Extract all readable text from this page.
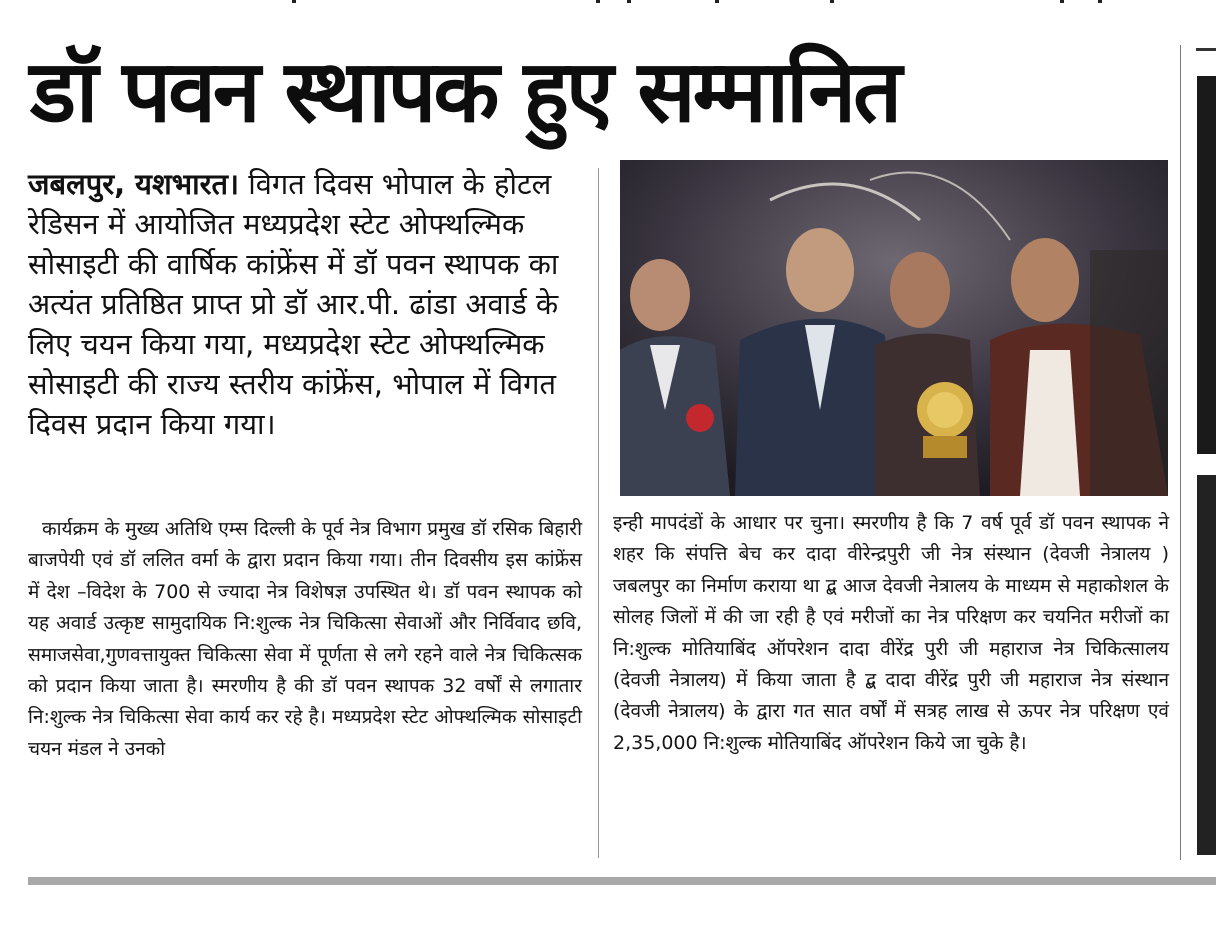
डॉ पवन स्थापक हुए सम्मानित
जबलपुर, यशभारत। विगत दिवस भोपाल के होटल रेडिसन में आयोजित मध्यप्रदेश स्टेट ओफ्थल्मिक सोसाइटी की वार्षिक कांफ्रेंस में डॉ पवन स्थापक का अत्यंत प्रतिष्ठित प्राप्त प्रो डॉ आर.पी. ढांडा अवार्ड के लिए चयन किया गया, मध्यप्रदेश स्टेट ओफ्थल्मिक सोसाइटी की राज्य स्तरीय कांफ्रेंस, भोपाल में विगत दिवस प्रदान किया गया।
कार्यक्रम के मुख्य अतिथि एम्स दिल्ली के पूर्व नेत्र विभाग प्रमुख डॉ रसिक बिहारी बाजपेयी एवं डॉ ललित वर्मा के द्वारा प्रदान किया गया। तीन दिवसीय इस कांफ्रेंस में देश –विदेश के 700 से ज्यादा नेत्र विशेषज्ञ उपस्थित थे। डॉ पवन स्थापक को यह अवार्ड उत्कृष्ट सामुदायिक नि:शुल्क नेत्र चिकित्सा सेवाओं और निर्विवाद छवि, समाजसेवा,गुणवत्तायुक्त चिकित्सा सेवा में पूर्णता से लगे रहने वाले नेत्र चिकित्सक को प्रदान किया जाता है। स्मरणीय है की डॉ पवन स्थापक 32 वर्षों से लगातार नि:शुल्क नेत्र चिकित्सा सेवा कार्य कर रहे है। मध्यप्रदेश स्टेट ओफ्थल्मिक सोसाइटी चयन मंडल ने उनको
इन्ही मापदंडों के आधार पर चुना। स्मरणीय है कि 7 वर्ष पूर्व डॉ पवन स्थापक ने शहर कि संपत्ति बेच कर दादा वीरेन्द्रपुरी जी नेत्र संस्थान (देवजी नेत्रालय ) जबलपुर का निर्माण कराया था द्ब आज देवजी नेत्रालय के माध्यम से महाकोशल के सोलह जिलों में की जा रही है एवं मरीजों का नेत्र परिक्षण कर चयनित मरीजों का नि:शुल्क मोतियाबिंद ऑपरेशन दादा वीरेंद्र पुरी जी महाराज नेत्र चिकित्सालय (देवजी नेत्रालय) में किया जाता है द्ब दादा वीरेंद्र पुरी जी महाराज नेत्र संस्थान (देवजी नेत्रालय) के द्वारा गत सात वर्षों में सत्रह लाख से ऊपर नेत्र परिक्षण एवं 2,35,000 नि:शुल्क मोतियाबिंद ऑपरेशन किये जा चुके है।
